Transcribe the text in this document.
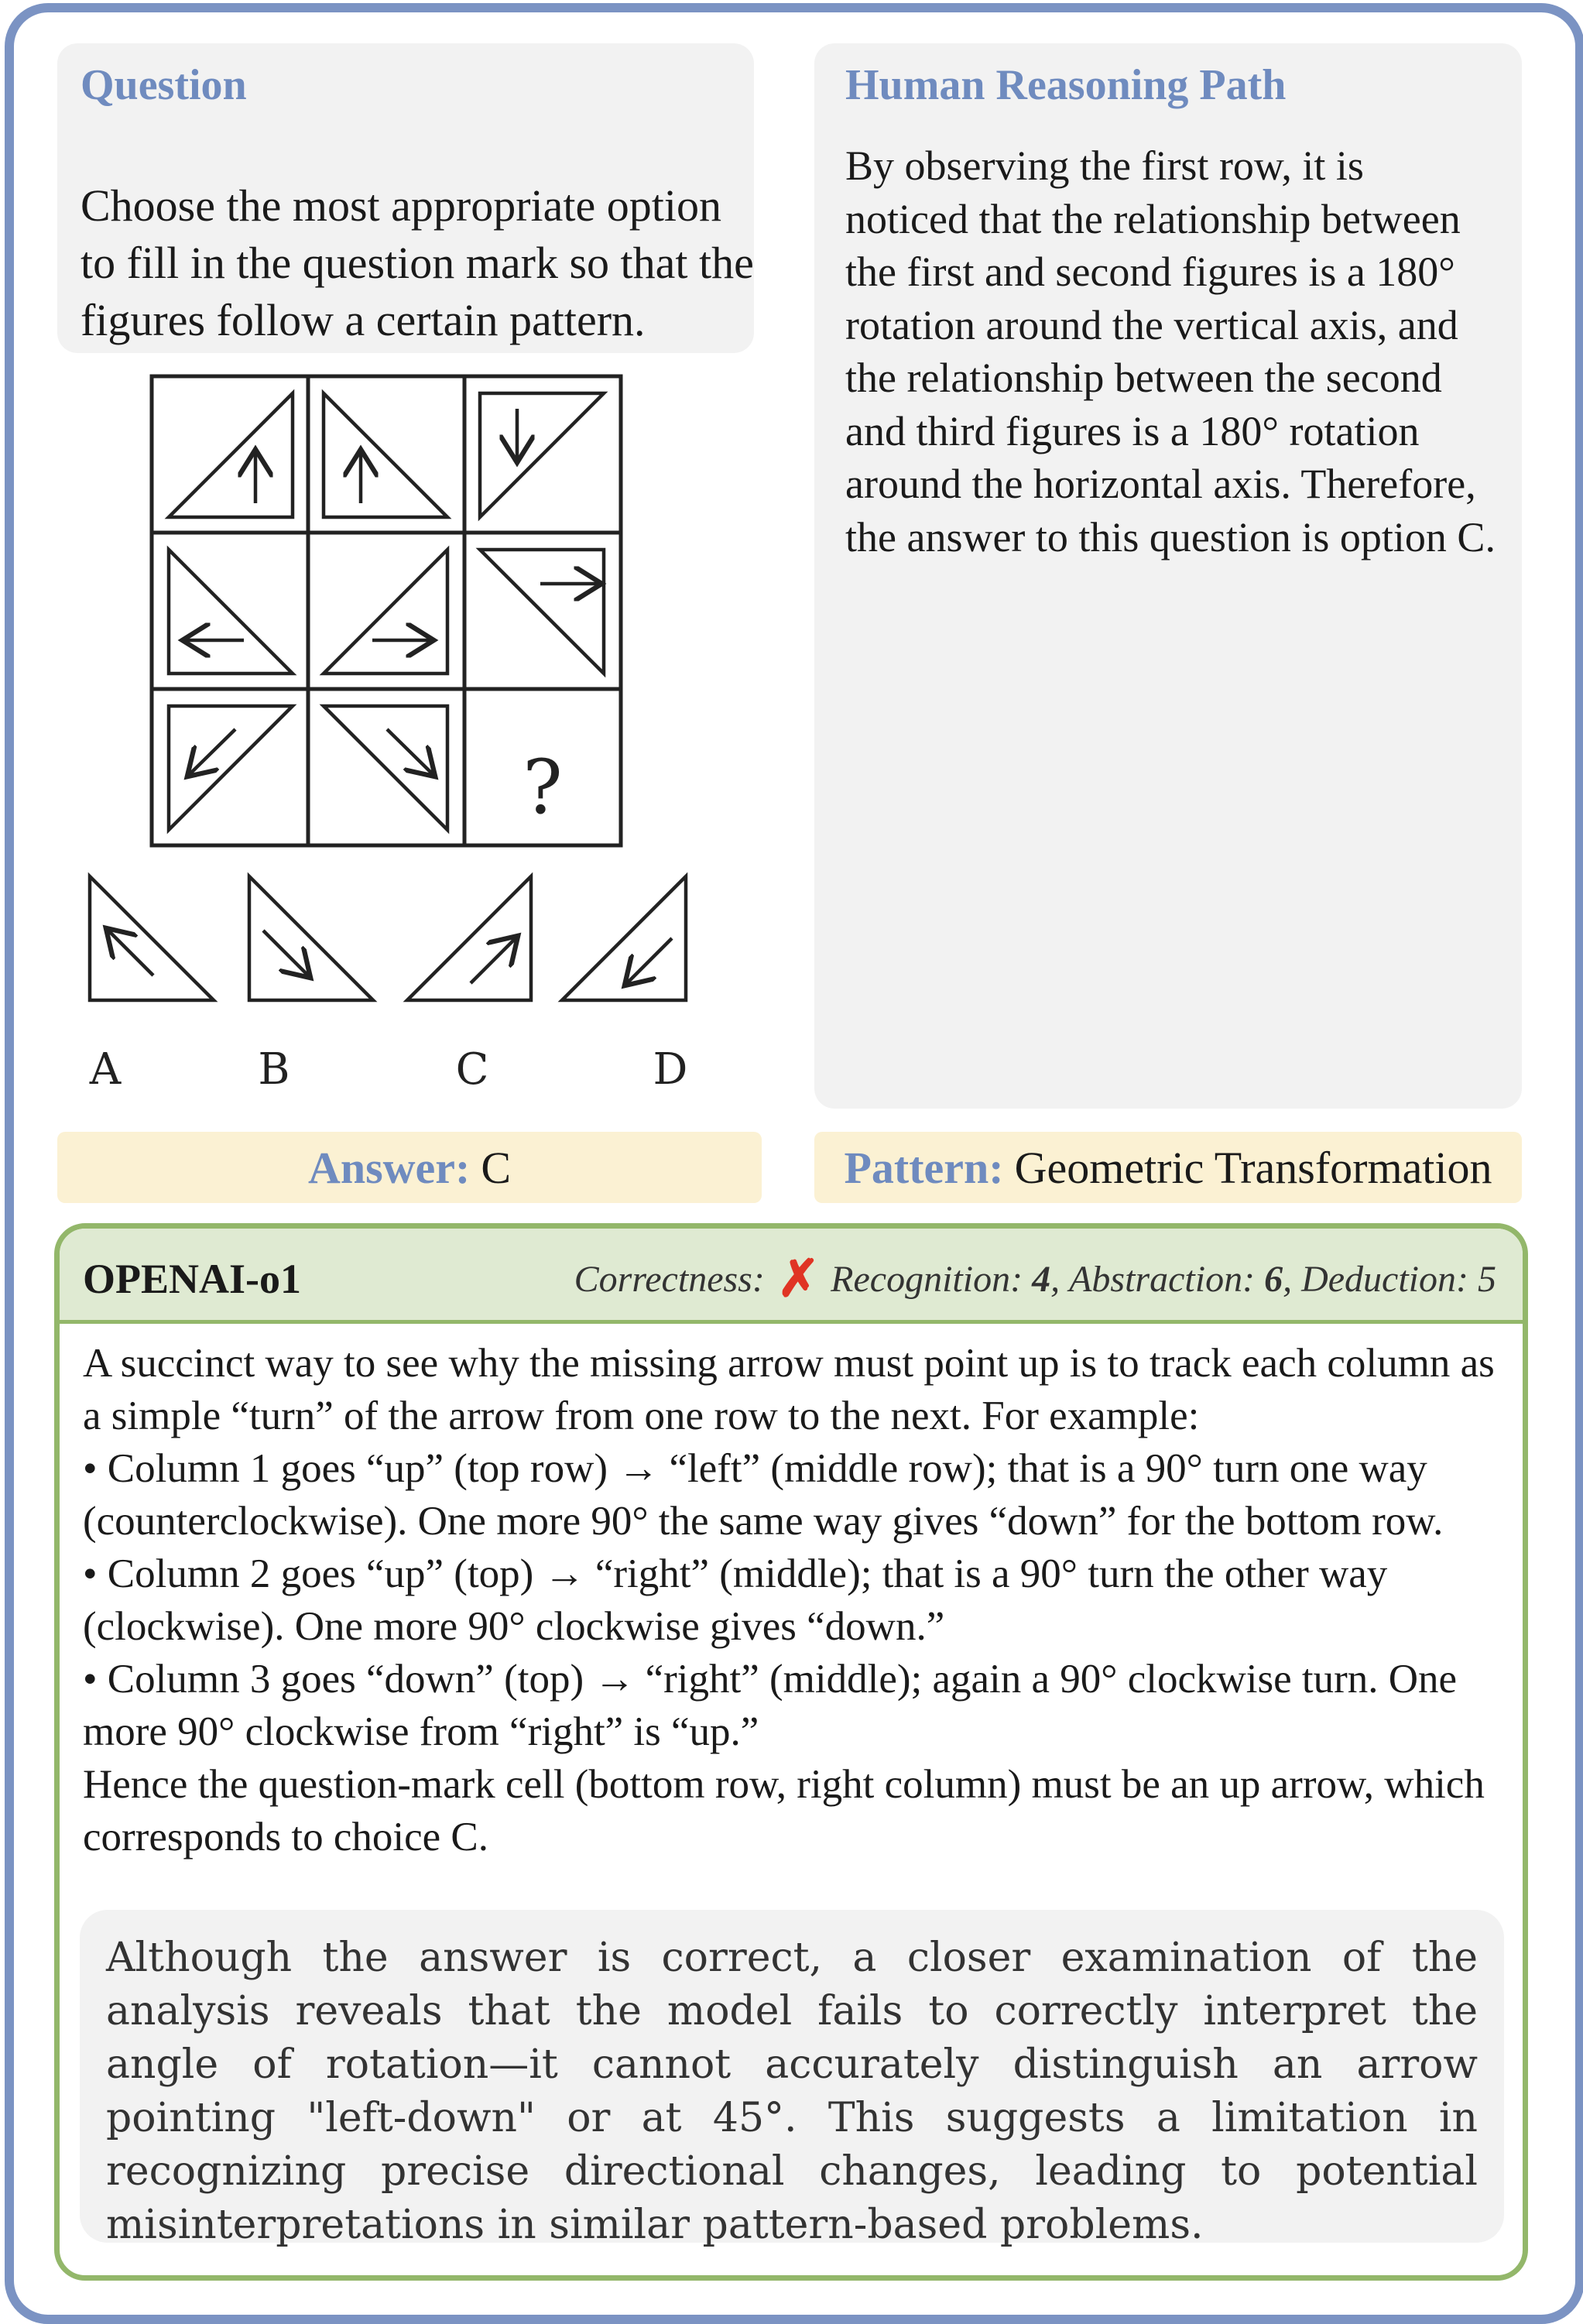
Question
Choose the most appropriate option to fill in the question mark so that the figures follow a certain pattern.
?
A	B	C	D
Human Reasoning Path
By observing the first row, it is noticed that the relationship between the first and second figures is a 180° rotation around the vertical axis, and the relationship between the second and third figures is a 180° rotation around the horizontal axis. Therefore, the answer to this question is option C.
Answer: C	Pattern: Geometric Transformation
OPENAI-o1	Correctness: ✗ Recognition:
4 ,
Abstraction:
6 ,
Deduction:
5

A succinct way to see why the missing arrow must point up is to track each column as a simple “turn” of the arrow from one row to the next. For example:

• Column 1 goes “up” (top row) → “left” (middle row); that is a 90° turn one way (counterclockwise). One more 90° the same way gives “down” for the bottom row.

• Column 2 goes “up” (top) → “right” (middle); that is a 90° turn the other way (clockwise). One more 90° clockwise gives “down.”

• Column 3 goes “down” (top) → “right” (middle); again a 90° clockwise turn. One more 90° clockwise from “right” is “up.”

Hence the question-mark cell (bottom row, right column) must be an up arrow, which corresponds to choice C.

Although the answer is correct, a closer examination of the analysis reveals that the model fails to correctly interpret the angle of rotation—it cannot accurately distinguish an arrow pointing "left-down" or at 45°. This suggests a limitation in recognizing precise directional changes, leading to potential misinterpretations in similar pattern-based problems.
